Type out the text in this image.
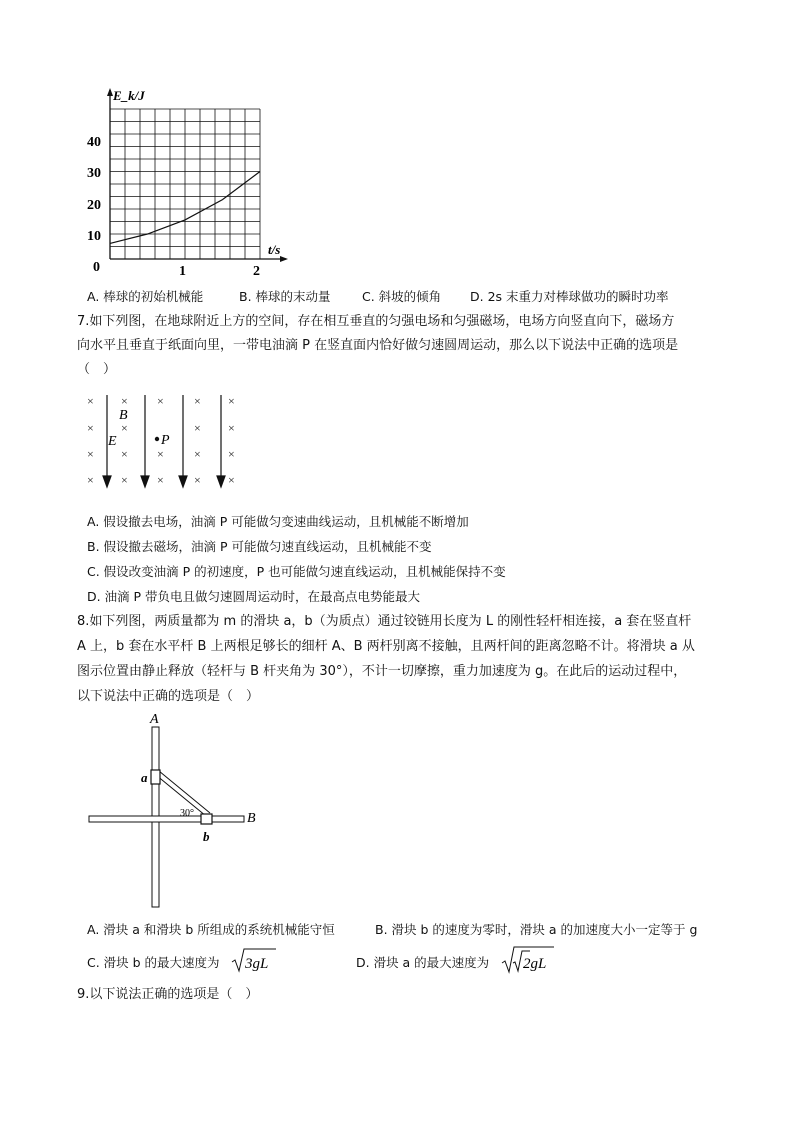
E_k/J
t/s
0
40
30
20
10
1	2
A. 棒球的初始机械能	B. 棒球的末动量	C. 斜坡的倾角 D. 2s 末重力对棒球做功的瞬时功率
7.如下列图，在地球附近上方的空间，存在相互垂直的匀强电场和匀强磁场，电场方向竖直向下，磁场方
向水平且垂直于纸面向里，一带电油滴 P 在竖直面内恰好做匀速圆周运动，那么以下说法中正确的选项是
（　）
×
×
×
×
×
×
×
×
×
×
×
×
×
×
×
×
×
×
×
B
E	P
A. 假设撤去电场，油滴 P 可能做匀变速曲线运动，且机械能不断增加
B. 假设撤去磁场，油滴 P 可能做匀速直线运动，且机械能不变
C. 假设改变油滴 P 的初速度，P 也可能做匀速直线运动，且机械能保持不变
D. 油滴 P 带负电且做匀速圆周运动时，在最高点电势能最大
8.如下列图，两质量都为 m 的滑块 a，b（为质点）通过铰链用长度为 L 的刚性轻杆相连接，a 套在竖直杆
A 上，b 套在水平杆 B 上两根足够长的细杆 A、B 两杆别离不接触，且两杆间的距离忽略不计。将滑块 a 从
图示位置由静止释放（轻杆与 B 杆夹角为 30°），不计一切摩擦，重力加速度为 g。在此后的运动过程中，
以下说法中正确的选项是（　）
A
B
a
b
30°
A. 滑块 a 和滑块 b 所组成的系统机械能守恒	B. 滑块 b 的速度为零时，滑块 a 的加速度大小一定等于 g
C. 滑块 b 的最大速度为 3gL	D. 滑块 a 的最大速度为 2gL
9.以下说法正确的选项是（　）
